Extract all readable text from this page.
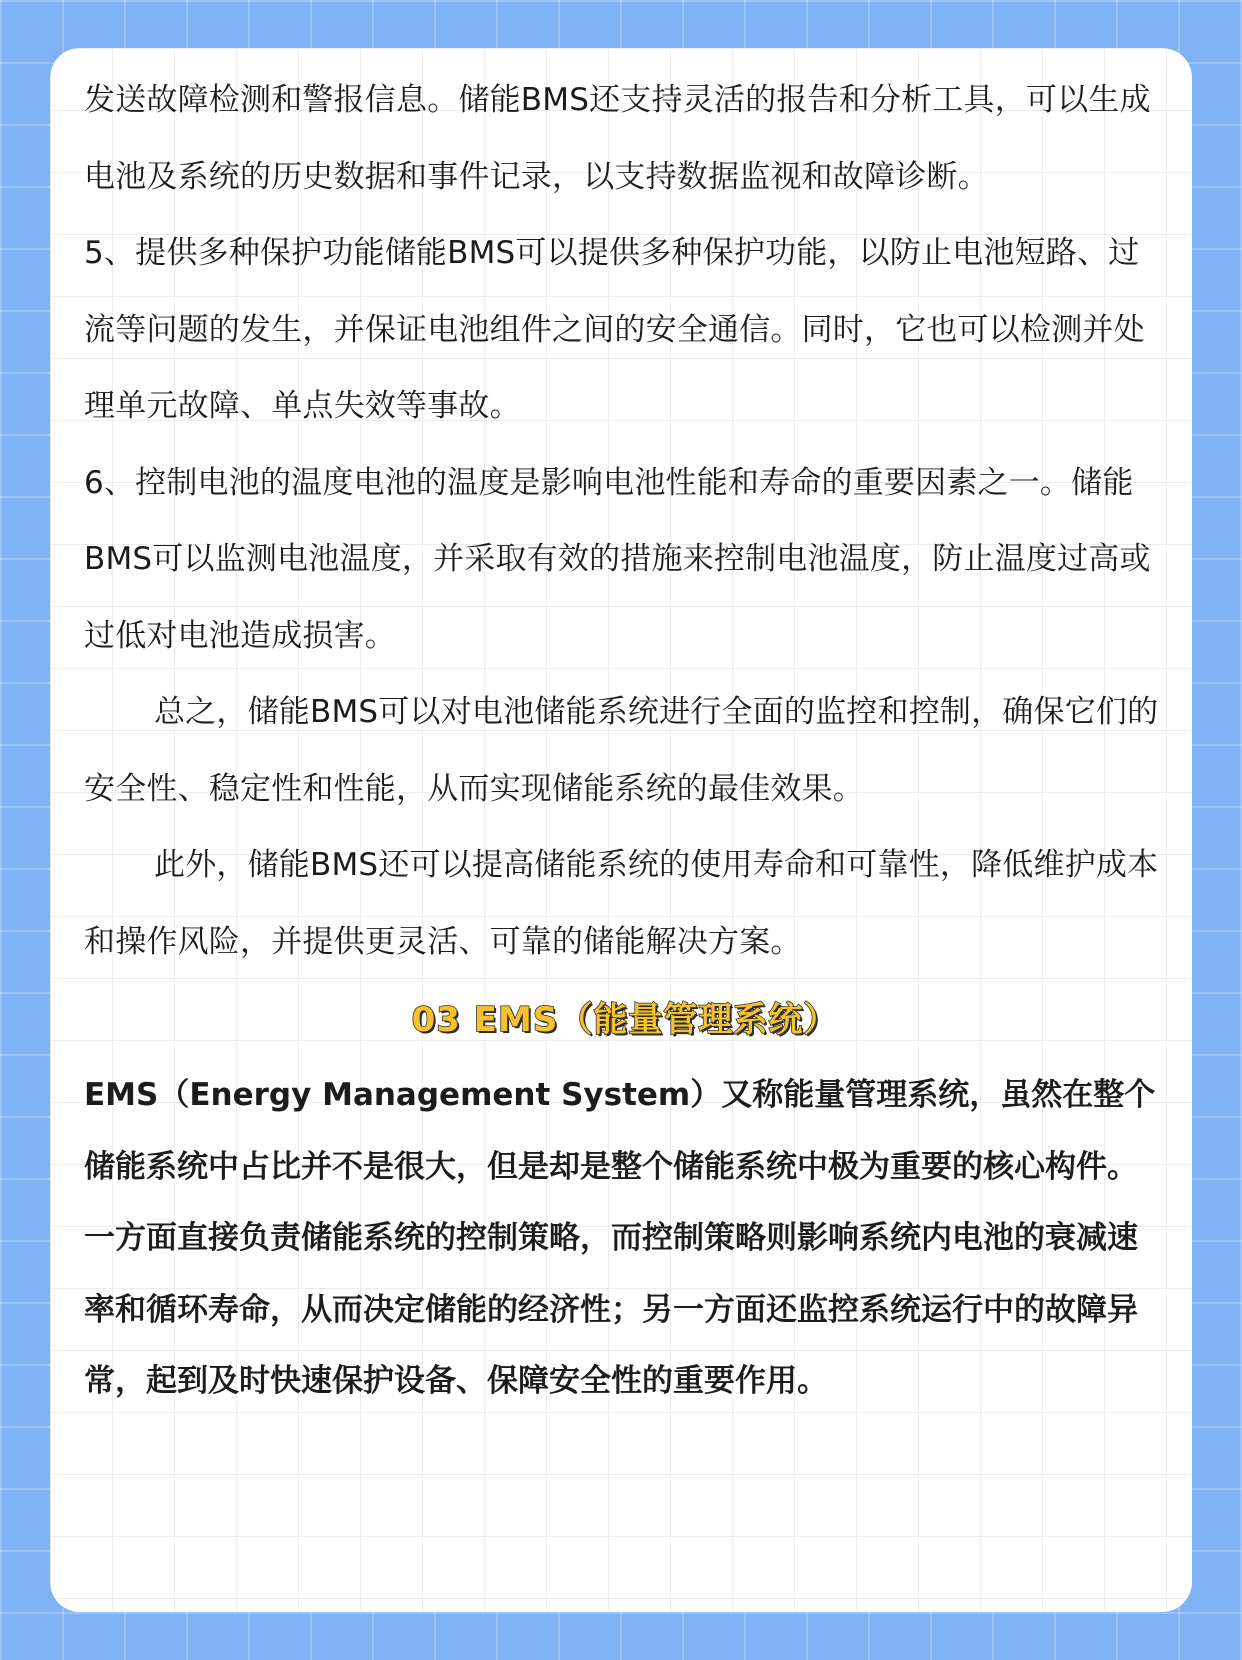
发送故障检测和警报信息。储能BMS还支持灵活的报告和分析工具，可以生成电池及系统的历史数据和事件记录，以支持数据监视和故障诊断。

5、提供多种保护功能储能BMS可以提供多种保护功能，以防止电池短路、过流等问题的发生，并保证电池组件之间的安全通信。同时，它也可以检测并处理单元故障、单点失效等事故。

6、控制电池的温度电池的温度是影响电池性能和寿命的重要因素之一。储能BMS可以监测电池温度，并采取有效的措施来控制电池温度，防止温度过高或过低对电池造成损害。

总之，储能BMS可以对电池储能系统进行全面的监控和控制，确保它们的安全性、稳定性和性能，从而实现储能系统的最佳效果。

此外，储能BMS还可以提高储能系统的使用寿命和可靠性，降低维护成本和操作风险，并提供更灵活、可靠的储能解决方案。

03 EMS（能量管理系统）

EMS（Energy Management System）又称能量管理系统，虽然在整个储能系统中占比并不是很大，但是却是整个储能系统中极为重要的核心构件。

一方面直接负责储能系统的控制策略，而控制策略则影响系统内电池的衰减速率和循环寿命，从而决定储能的经济性；另一方面还监控系统运行中的故障异常，起到及时快速保护设备、保障安全性的重要作用。
